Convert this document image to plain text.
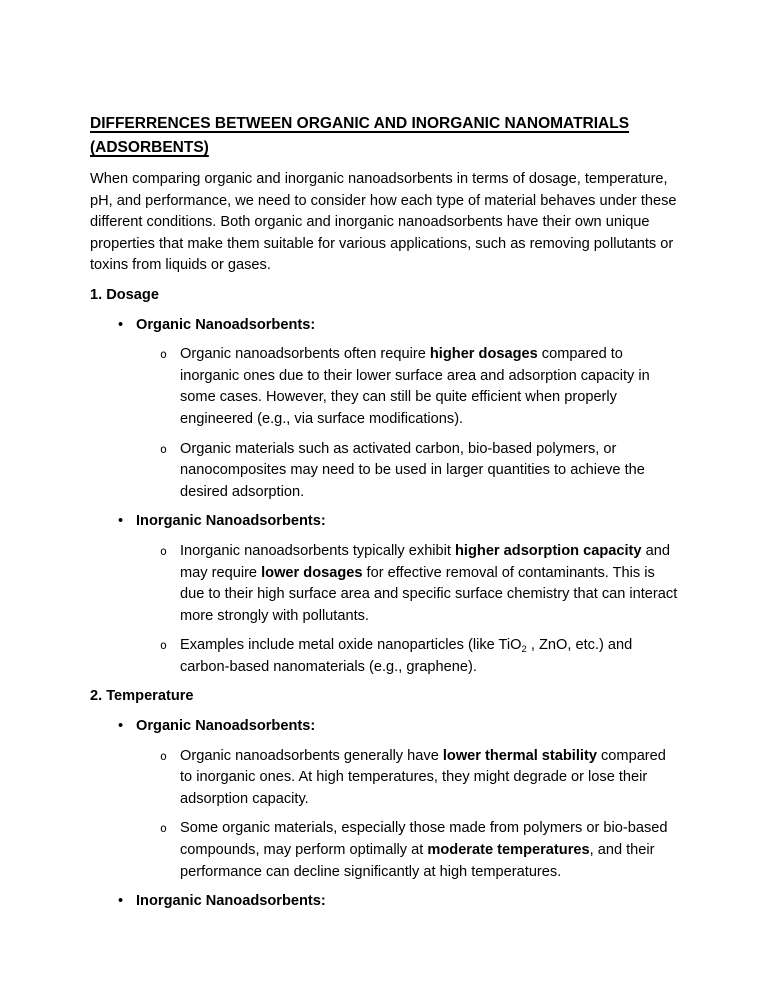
DIFFERRENCES BETWEEN ORGANIC AND INORGANIC NANOMATRIALS (ADSORBENTS)

When comparing organic and inorganic nanoadsorbents in terms of dosage, temperature, pH, and performance, we need to consider how each type of material behaves under these different conditions. Both organic and inorganic nanoadsorbents have their own unique properties that make them suitable for various applications, such as removing pollutants or toxins from liquids or gases.

1. Dosage
• Organic Nanoadsorbents:
o Organic nanoadsorbents often require higher dosages compared to inorganic ones due to their lower surface area and adsorption capacity in some cases. However, they can still be quite efficient when properly engineered (e.g., via surface modifications).
o Organic materials such as activated carbon, bio-based polymers, or nanocomposites may need to be used in larger quantities to achieve the desired adsorption.
• Inorganic Nanoadsorbents:
o Inorganic nanoadsorbents typically exhibit higher adsorption capacity and may require lower dosages for effective removal of contaminants. This is due to their high surface area and specific surface chemistry that can interact more strongly with pollutants.
o Examples include metal oxide nanoparticles (like TiO$_2$ , ZnO, etc.) and carbon-based nanomaterials (e.g., graphene).
2. Temperature
• Organic Nanoadsorbents:
o Organic nanoadsorbents generally have lower thermal stability compared to inorganic ones. At high temperatures, they might degrade or lose their adsorption capacity.
o Some organic materials, especially those made from polymers or bio-based compounds, may perform optimally at moderate temperatures, and their performance can decline significantly at high temperatures.
• Inorganic Nanoadsorbents:
